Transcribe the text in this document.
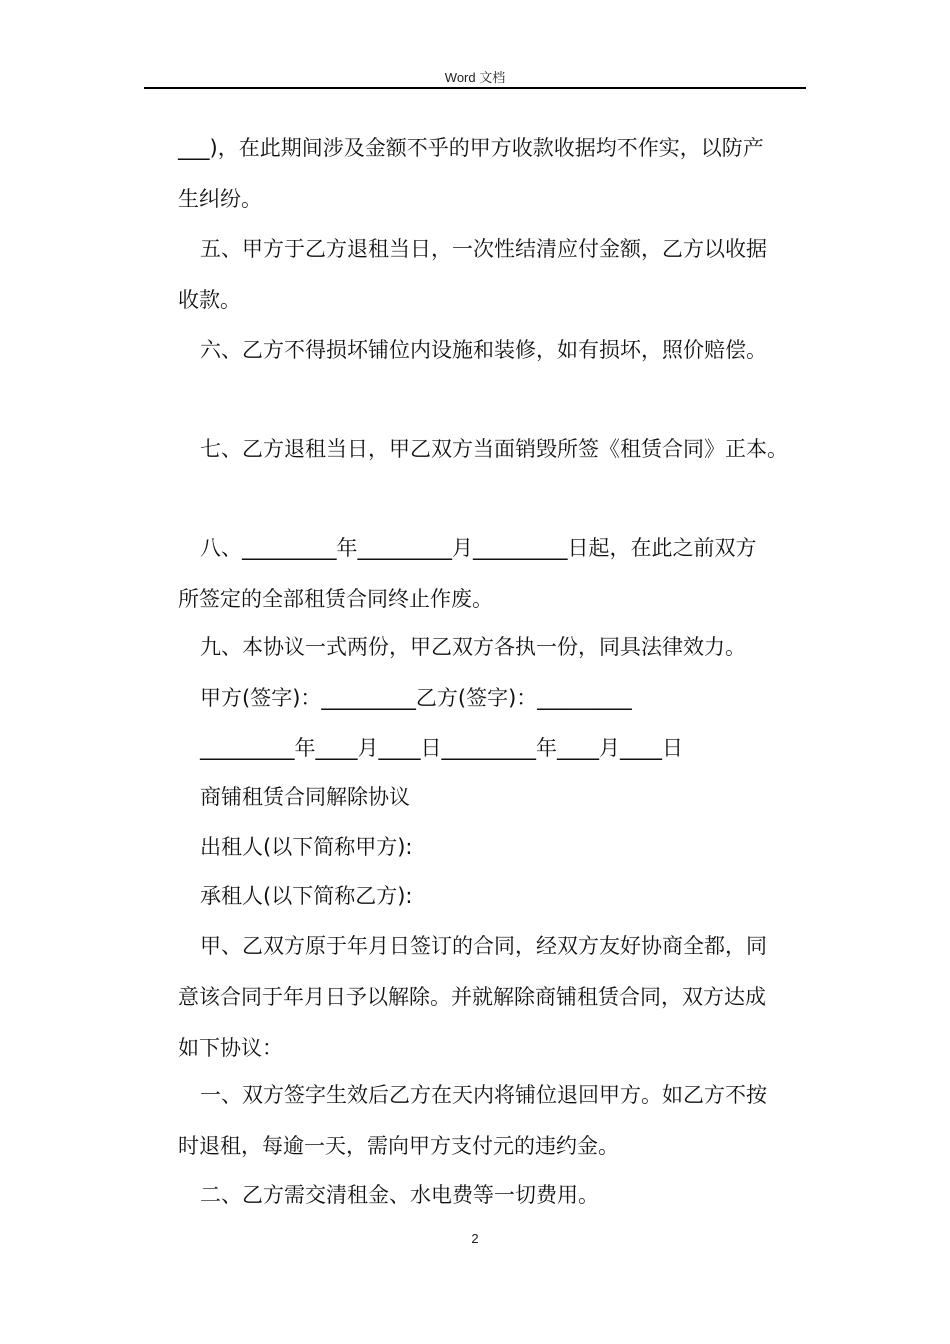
Word 文档
___)，在此期间涉及金额不乎的甲方收款收据均不作实，以防产
生纠纷。
五、甲方于乙方退租当日，一次性结清应付金额，乙方以收据
收款。
六、乙方不得损坏铺位内设施和装修，如有损坏，照价赔偿。
七、乙方退租当日，甲乙双方当面销毁所签《租赁合同》正本。
八、_________年_________月_________日起，在此之前双方
所签定的全部租赁合同终止作废。
九、本协议一式两份，甲乙双方各执一份，同具法律效力。
甲方(签字)：_________乙方(签字)：_________
_________年____月____日_________年____月____日
商铺租赁合同解除协议
出租人(以下简称甲方):
承租人(以下简称乙方):
甲、乙双方原于年月日签订的合同，经双方友好协商全都，同
意该合同于年月日予以解除。并就解除商铺租赁合同，双方达成
如下协议：
一、双方签字生效后乙方在天内将铺位退回甲方。如乙方不按
时退租，每逾一天，需向甲方支付元的违约金。
二、乙方需交清租金、水电费等一切费用。
2
